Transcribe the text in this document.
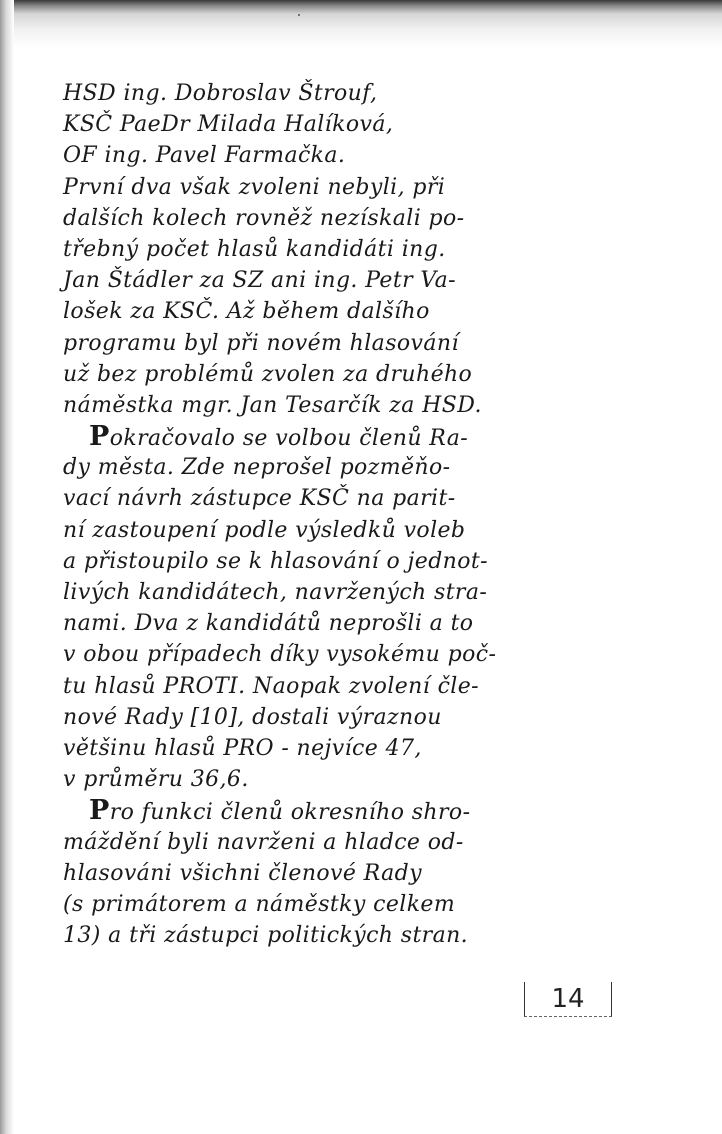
HSD ing. Dobroslav Štrouf,
KSČ PaeDr Milada Halíková,
OF ing. Pavel Farmačka.
První dva však zvoleni nebyli, při
dalších kolech rovněž nezískali po-
třebný počet hlasů kandidáti ing.
Jan Štádler za SZ ani ing. Petr Va-
lošek za KSČ. Až během dalšího
programu byl při novém hlasování
už bez problémů zvolen za druhého
náměstka mgr. Jan Tesarčík za HSD.
Pokračovalo se volbou členů Ra-
dy města. Zde neprošel pozměňo-
vací návrh zástupce KSČ na parit-
ní zastoupení podle výsledků voleb
a přistoupilo se k hlasování o jednot-
livých kandidátech, navržených stra-
nami. Dva z kandidátů neprošli a to
v obou případech díky vysokému poč-
tu hlasů PROTI. Naopak zvolení čle-
nové Rady [10], dostali výraznou
většinu hlasů PRO - nejvíce 47,
v průměru 36,6.
Pro funkci členů okresního shro-
máždění byli navrženi a hladce od-
hlasováni všichni členové Rady
(s primátorem a náměstky celkem
13) a tři zástupci politických stran.
14
